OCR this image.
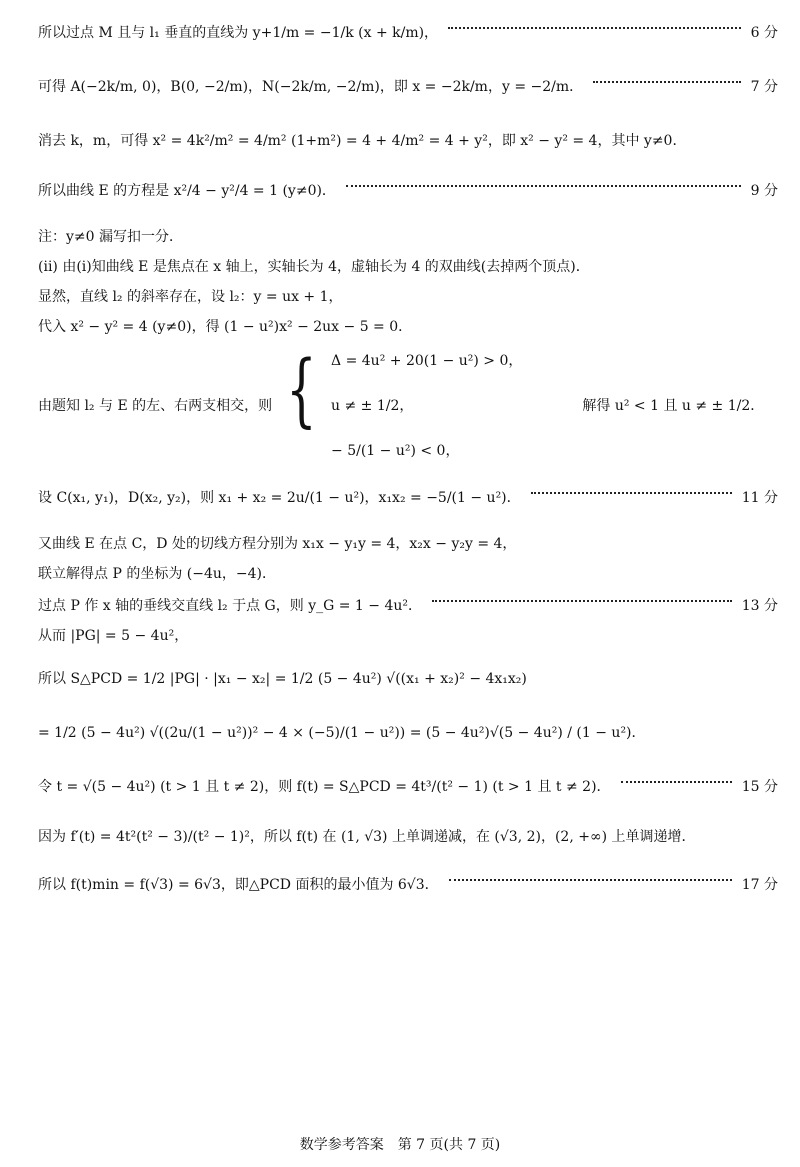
所以过点 M 且与 l₁ 垂直的直线为 y+1/m = −1/k (x + k/m)，	6 分
可得 A(−2k/m, 0)，B(0, −2/m)，N(−2k/m, −2/m)，即 x = −2k/m，y = −2/m．	7 分
消去 k，m，可得 x² = 4k²/m² = 4/m² (1+m²) = 4 + 4/m² = 4 + y²，即 x² − y² = 4，其中 y≠0．
所以曲线 E 的方程是 x²/4 − y²/4 = 1 (y≠0)．	9 分
注：y≠0 漏写扣一分．
(ii) 由(i)知曲线 E 是焦点在 x 轴上，实轴长为 4，虚轴长为 4 的双曲线(去掉两个顶点)．
显然，直线 l₂ 的斜率存在，设 l₂：y = ux + 1，
代入 x² − y² = 4 (y≠0)，得 (1 − u²)x² − 2ux − 5 = 0．
由题知 l₂ 与 E 的左、右两支相交，则 { Δ = 4u² + 20(1 − u²) > 0，
u ≠ ± 1/2，
− 5/(1 − u²) < 0，
解得 u² < 1 且 u ≠ ± 1/2．
设 C(x₁, y₁)，D(x₂, y₂)，则 x₁ + x₂ = 2u/(1 − u²)，x₁x₂ = −5/(1 − u²)．	11 分
又曲线 E 在点 C，D 处的切线方程分别为 x₁x − y₁y = 4，x₂x − y₂y = 4，
联立解得点 P 的坐标为 (−4u，−4)．
过点 P 作 x 轴的垂线交直线 l₂ 于点 G，则 y_G = 1 − 4u²．	13 分
从而 |PG| = 5 − 4u²，
所以 S△PCD = 1/2 |PG| · |x₁ − x₂| = 1/2 (5 − 4u²) √((x₁ + x₂)² − 4x₁x₂)
= 1/2 (5 − 4u²) √((2u/(1 − u²))² − 4 × (−5)/(1 − u²)) = (5 − 4u²)√(5 − 4u²) / (1 − u²)．
令 t = √(5 − 4u²) (t > 1 且 t ≠ 2)，则 f(t) = S△PCD = 4t³/(t² − 1) (t > 1 且 t ≠ 2)．	15 分
因为 f′(t) = 4t²(t² − 3)/(t² − 1)²，所以 f(t) 在 (1, √3) 上单调递减，在 (√3, 2)，(2, +∞) 上单调递增．
所以 f(t)min = f(√3) = 6√3，即△PCD 面积的最小值为 6√3．	17 分
数学参考答案　第 7 页(共 7 页)
